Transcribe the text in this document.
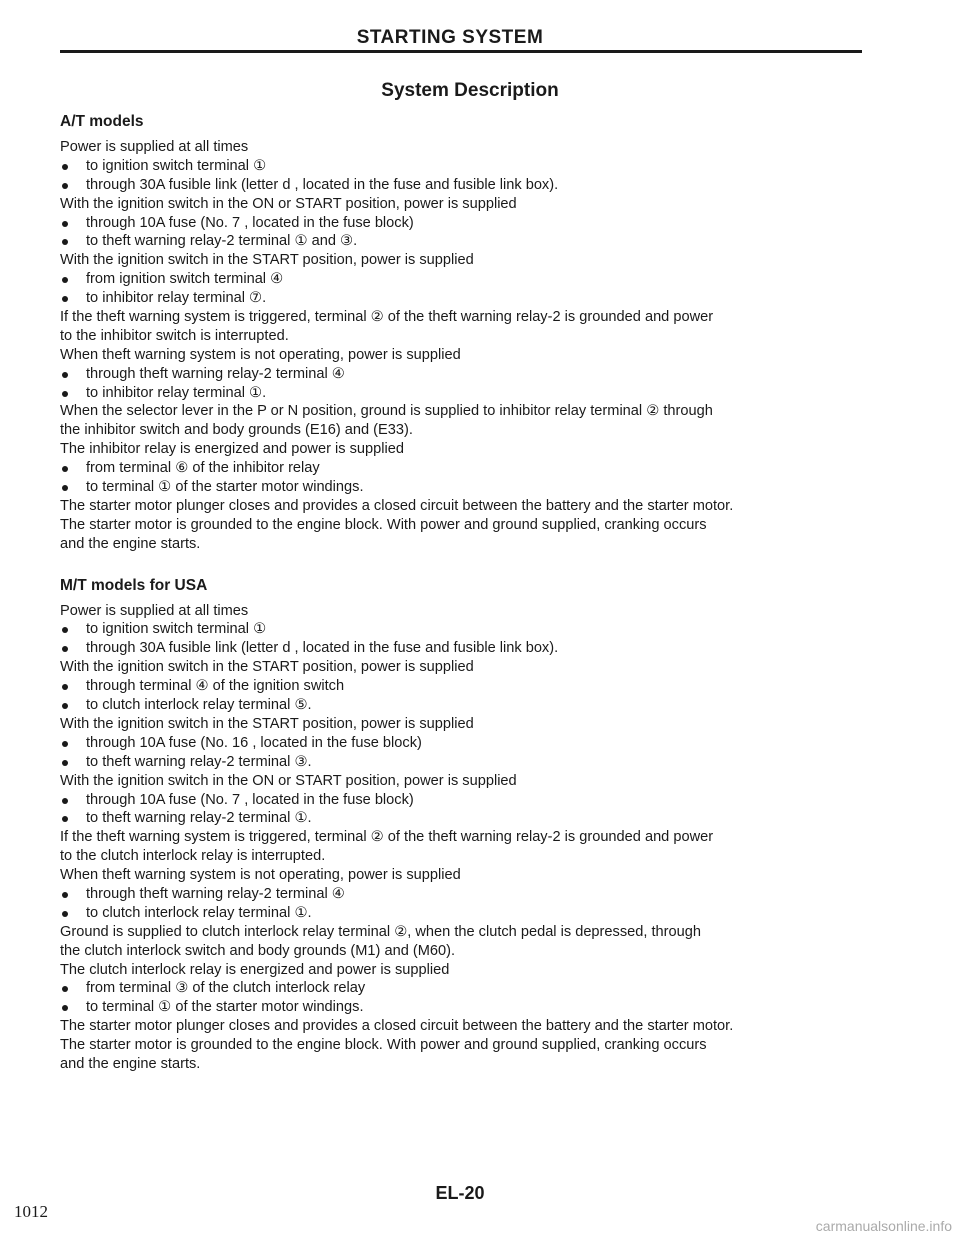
STARTING SYSTEM
System Description
A/T models
Power is supplied at all times
to ignition switch terminal ①
through 30A fusible link (letter d , located in the fuse and fusible link box).
With the ignition switch in the ON or START position, power is supplied
through 10A fuse (No. 7 , located in the fuse block)
to theft warning relay-2 terminal ① and ③.
With the ignition switch in the START position, power is supplied
from ignition switch terminal ④
to inhibitor relay terminal ⑦.
If the theft warning system is triggered, terminal ② of the theft warning relay-2 is grounded and power
to the inhibitor switch is interrupted.
When theft warning system is not operating, power is supplied
through theft warning relay-2 terminal ④
to inhibitor relay terminal ①.
When the selector lever in the P or N position, ground is supplied to inhibitor relay terminal ② through
the inhibitor switch and body grounds (E16) and (E33).
The inhibitor relay is energized and power is supplied
from terminal ⑥ of the inhibitor relay
to terminal ① of the starter motor windings.
The starter motor plunger closes and provides a closed circuit between the battery and the starter motor.
The starter motor is grounded to the engine block. With power and ground supplied, cranking occurs
and the engine starts.
M/T models for USA
Power is supplied at all times
to ignition switch terminal ①
through 30A fusible link (letter d , located in the fuse and fusible link box).
With the ignition switch in the START position, power is supplied
through terminal ④ of the ignition switch
to clutch interlock relay terminal ⑤.
With the ignition switch in the START position, power is supplied
through 10A fuse (No. 16 , located in the fuse block)
to theft warning relay-2 terminal ③.
With the ignition switch in the ON or START position, power is supplied
through 10A fuse (No. 7 , located in the fuse block)
to theft warning relay-2 terminal ①.
If the theft warning system is triggered, terminal ② of the theft warning relay-2 is grounded and power
to the clutch interlock relay is interrupted.
When theft warning system is not operating, power is supplied
through theft warning relay-2 terminal ④
to clutch interlock relay terminal ①.
Ground is supplied to clutch interlock relay terminal ②, when the clutch pedal is depressed, through
the clutch interlock switch and body grounds (M1) and (M60).
The clutch interlock relay is energized and power is supplied
from terminal ③ of the clutch interlock relay
to terminal ① of the starter motor windings.
The starter motor plunger closes and provides a closed circuit between the battery and the starter motor.
The starter motor is grounded to the engine block. With power and ground supplied, cranking occurs
and the engine starts.
1012
EL-20
carmanualsonline.info
